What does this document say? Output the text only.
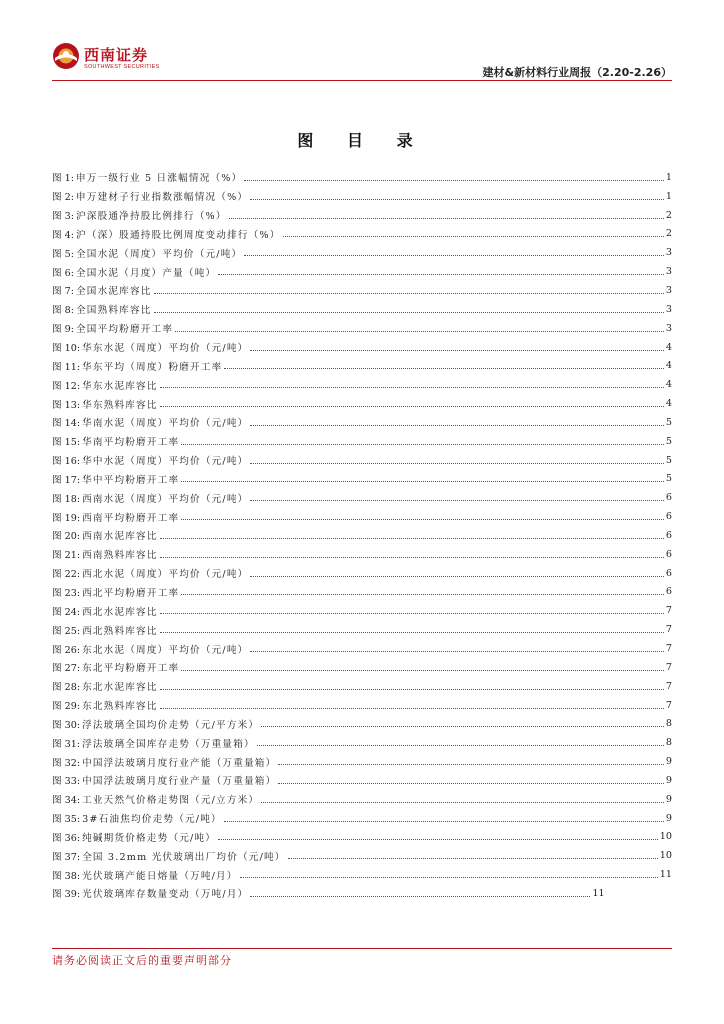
西南证券
SOUTHWEST SECURITIES	建材&新材料行业周报（2.20-2.26）
图 目 录
图 1: 申万一级行业 5 日涨幅情况（%）	1
图 2: 申万建材子行业指数涨幅情况（%）	1
图 3: 沪深股通净持股比例排行（%）	2
图 4: 沪（深）股通持股比例周度变动排行（%）	2
图 5: 全国水泥（周度）平均价（元/吨）	3
图 6: 全国水泥（月度）产量（吨）	3
图 7: 全国水泥库容比	3
图 8: 全国熟料库容比	3
图 9: 全国平均粉磨开工率	3
图 10: 华东水泥（周度）平均价（元/吨）	4
图 11: 华东平均（周度）粉磨开工率	4
图 12: 华东水泥库容比	4
图 13: 华东熟料库容比	4
图 14: 华南水泥（周度）平均价（元/吨）	5
图 15: 华南平均粉磨开工率	5
图 16: 华中水泥（周度）平均价（元/吨）	5
图 17: 华中平均粉磨开工率	5
图 18: 西南水泥（周度）平均价（元/吨）	6
图 19: 西南平均粉磨开工率	6
图 20: 西南水泥库容比	6
图 21: 西南熟料库容比	6
图 22: 西北水泥（周度）平均价（元/吨）	6
图 23: 西北平均粉磨开工率	6
图 24: 西北水泥库容比	7
图 25: 西北熟料库容比	7
图 26: 东北水泥（周度）平均价（元/吨）	7
图 27: 东北平均粉磨开工率	7
图 28: 东北水泥库容比	7
图 29: 东北熟料库容比	7
图 30: 浮法玻璃全国均价走势（元/平方米）	8
图 31: 浮法玻璃全国库存走势（万重量箱）	8
图 32: 中国浮法玻璃月度行业产能（万重量箱）	9
图 33: 中国浮法玻璃月度行业产量（万重量箱）	9
图 34: 工业天然气价格走势图（元/立方米）	9
图 35: 3#石油焦均价走势（元/吨）	9
图 36: 纯碱期货价格走势（元/吨）	10
图 37: 全国 3.2mm 光伏玻璃出厂均价（元/吨）	10
图 38: 光伏玻璃产能日熔量（万吨/月）	11
图 39: 光伏玻璃库存数量变动（万吨/月）	11
请务必阅读正文后的重要声明部分
